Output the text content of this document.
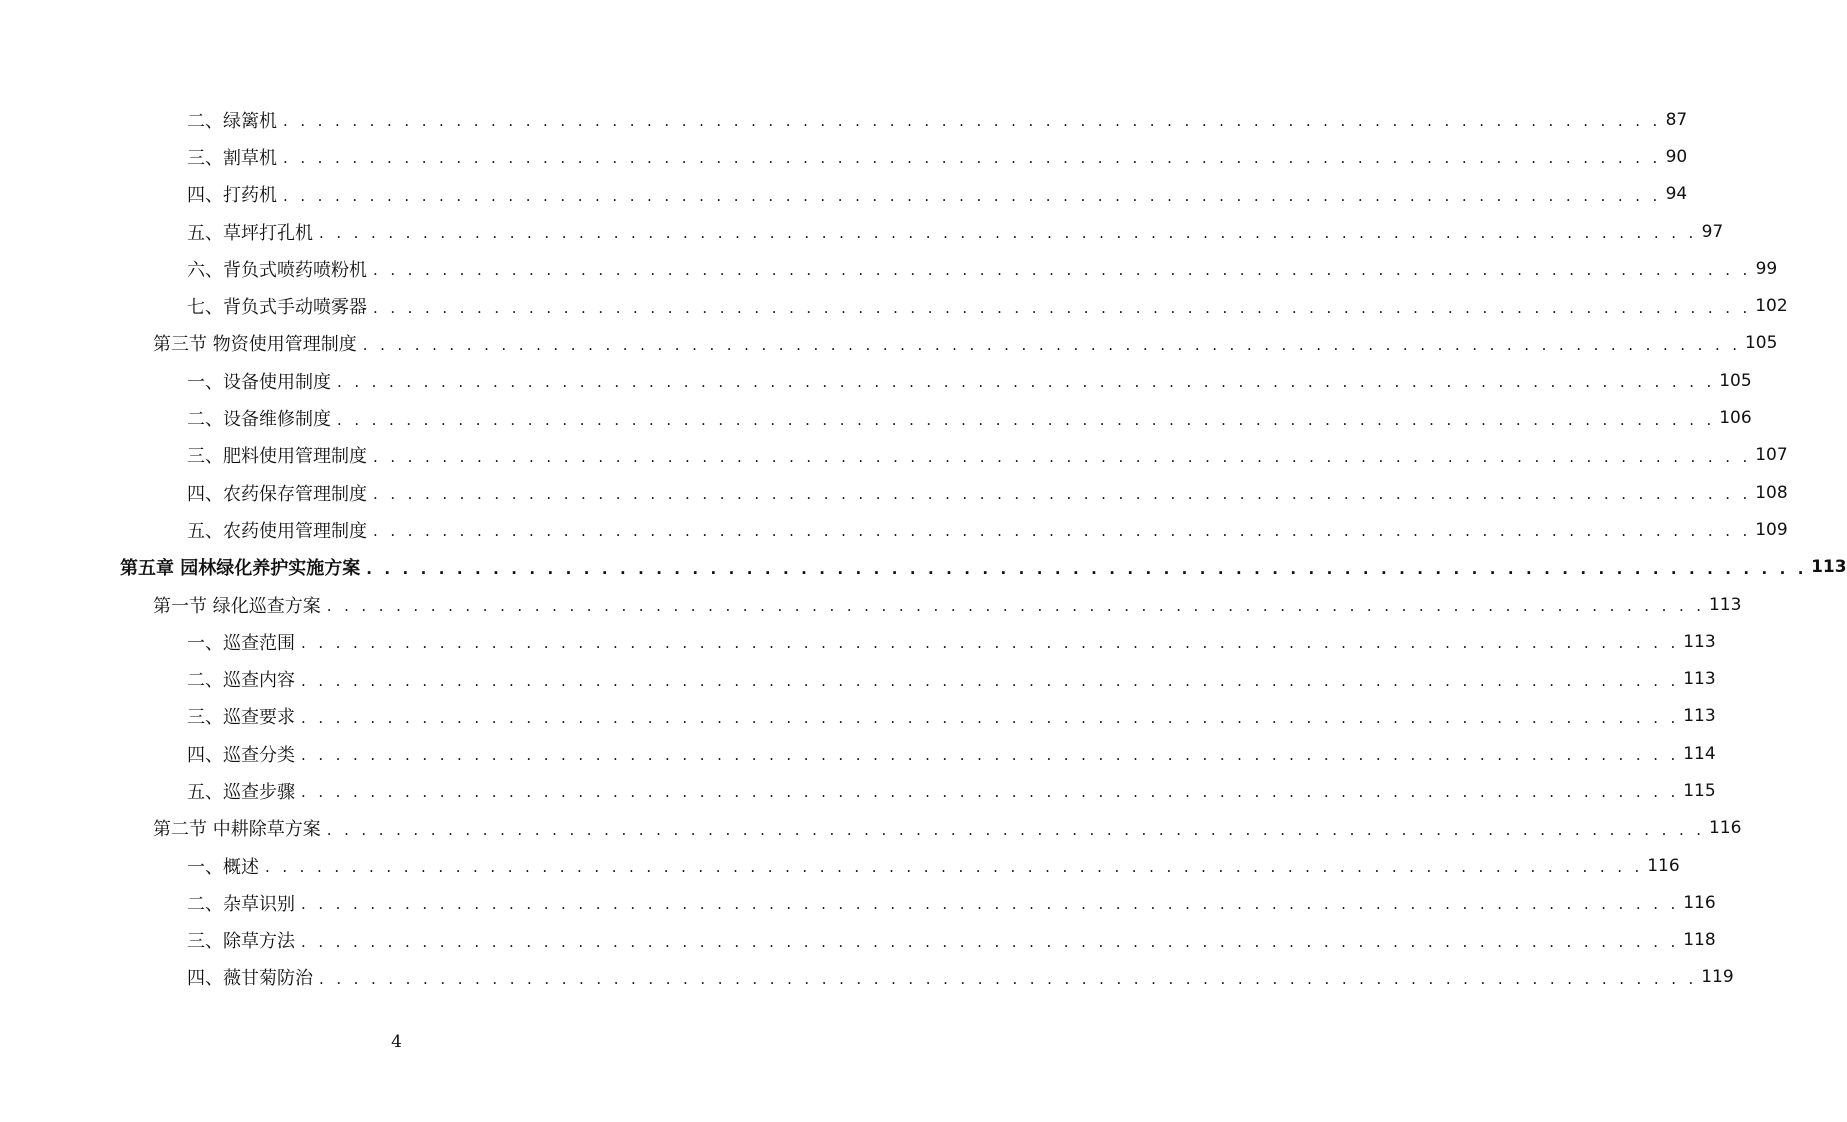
二、绿篱机 . . . . . . . . . . . . . . . . . . . . . . . . . . . . . . . . . . . . . . . . . . . . . . . . . . . . . . . . . . . . . . . . . . . . . . . . . . . . . . . . 87
三、割草机 . . . . . . . . . . . . . . . . . . . . . . . . . . . . . . . . . . . . . . . . . . . . . . . . . . . . . . . . . . . . . . . . . . . . . . . . . . . . . . . . 90
四、打药机 . . . . . . . . . . . . . . . . . . . . . . . . . . . . . . . . . . . . . . . . . . . . . . . . . . . . . . . . . . . . . . . . . . . . . . . . . . . . . . . . 94
五、草坪打孔机 . . . . . . . . . . . . . . . . . . . . . . . . . . . . . . . . . . . . . . . . . . . . . . . . . . . . . . . . . . . . . . . . . . . . . . . . . . . . . . . . 97
六、背负式喷药喷粉机 . . . . . . . . . . . . . . . . . . . . . . . . . . . . . . . . . . . . . . . . . . . . . . . . . . . . . . . . . . . . . . . . . . . . . . . . . . . . . . . . 99
七、背负式手动喷雾器 . . . . . . . . . . . . . . . . . . . . . . . . . . . . . . . . . . . . . . . . . . . . . . . . . . . . . . . . . . . . . . . . . . . . . . . . . . . . . . . . 102
第三节 物资使用管理制度 . . . . . . . . . . . . . . . . . . . . . . . . . . . . . . . . . . . . . . . . . . . . . . . . . . . . . . . . . . . . . . . . . . . . . . . . . . . . . . . . 105
一、设备使用制度 . . . . . . . . . . . . . . . . . . . . . . . . . . . . . . . . . . . . . . . . . . . . . . . . . . . . . . . . . . . . . . . . . . . . . . . . . . . . . . . . 105
二、设备维修制度 . . . . . . . . . . . . . . . . . . . . . . . . . . . . . . . . . . . . . . . . . . . . . . . . . . . . . . . . . . . . . . . . . . . . . . . . . . . . . . . . 106
三、肥料使用管理制度 . . . . . . . . . . . . . . . . . . . . . . . . . . . . . . . . . . . . . . . . . . . . . . . . . . . . . . . . . . . . . . . . . . . . . . . . . . . . . . . . 107
四、农药保存管理制度 . . . . . . . . . . . . . . . . . . . . . . . . . . . . . . . . . . . . . . . . . . . . . . . . . . . . . . . . . . . . . . . . . . . . . . . . . . . . . . . . 108
五、农药使用管理制度 . . . . . . . . . . . . . . . . . . . . . . . . . . . . . . . . . . . . . . . . . . . . . . . . . . . . . . . . . . . . . . . . . . . . . . . . . . . . . . . . 109
第五章 园林绿化养护实施方案 . . . . . . . . . . . . . . . . . . . . . . . . . . . . . . . . . . . . . . . . . . . . . . . . . . . . . . . . . . . . . . . . . . . . . . . . . . . . . . . . 113
第一节 绿化巡查方案 . . . . . . . . . . . . . . . . . . . . . . . . . . . . . . . . . . . . . . . . . . . . . . . . . . . . . . . . . . . . . . . . . . . . . . . . . . . . . . . . 113
一、巡查范围 . . . . . . . . . . . . . . . . . . . . . . . . . . . . . . . . . . . . . . . . . . . . . . . . . . . . . . . . . . . . . . . . . . . . . . . . . . . . . . . . 113
二、巡查内容 . . . . . . . . . . . . . . . . . . . . . . . . . . . . . . . . . . . . . . . . . . . . . . . . . . . . . . . . . . . . . . . . . . . . . . . . . . . . . . . . 113
三、巡查要求 . . . . . . . . . . . . . . . . . . . . . . . . . . . . . . . . . . . . . . . . . . . . . . . . . . . . . . . . . . . . . . . . . . . . . . . . . . . . . . . . 113
四、巡查分类 . . . . . . . . . . . . . . . . . . . . . . . . . . . . . . . . . . . . . . . . . . . . . . . . . . . . . . . . . . . . . . . . . . . . . . . . . . . . . . . . 114
五、巡查步骤 . . . . . . . . . . . . . . . . . . . . . . . . . . . . . . . . . . . . . . . . . . . . . . . . . . . . . . . . . . . . . . . . . . . . . . . . . . . . . . . . 115
第二节 中耕除草方案 . . . . . . . . . . . . . . . . . . . . . . . . . . . . . . . . . . . . . . . . . . . . . . . . . . . . . . . . . . . . . . . . . . . . . . . . . . . . . . . . 116
一、概述 . . . . . . . . . . . . . . . . . . . . . . . . . . . . . . . . . . . . . . . . . . . . . . . . . . . . . . . . . . . . . . . . . . . . . . . . . . . . . . . . 116
二、杂草识别 . . . . . . . . . . . . . . . . . . . . . . . . . . . . . . . . . . . . . . . . . . . . . . . . . . . . . . . . . . . . . . . . . . . . . . . . . . . . . . . . 116
三、除草方法 . . . . . . . . . . . . . . . . . . . . . . . . . . . . . . . . . . . . . . . . . . . . . . . . . . . . . . . . . . . . . . . . . . . . . . . . . . . . . . . . 118
四、薇甘菊防治 . . . . . . . . . . . . . . . . . . . . . . . . . . . . . . . . . . . . . . . . . . . . . . . . . . . . . . . . . . . . . . . . . . . . . . . . . . . . . . . . 119
4
